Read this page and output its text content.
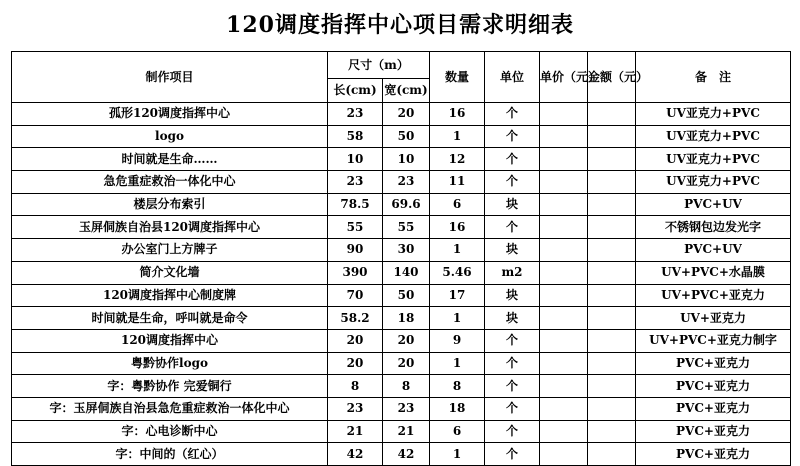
120调度指挥中心项目需求明细表
制作项目	尺寸（m）		数量	单位	单价（元）	金额（元）	备　注
	长(cm)	宽(cm)					
孤形120调度指挥中心	23	20	16	个			UV亚克力+PVC
logo	58	50	1	个			UV亚克力+PVC
时间就是生命……	10	10	12	个			UV亚克力+PVC
急危重症救治一体化中心	23	23	11	个			UV亚克力+PVC
楼层分布索引	78.5	69.6	6	块			PVC+UV
玉屏侗族自治县120调度指挥中心	55	55	16	个			不锈钢包边发光字
办公室门上方牌子	90	30	1	块			PVC+UV
简介文化墙	390	140	5.46	m2			UV+PVC+水晶膜
120调度指挥中心制度牌	70	50	17	块			UV+PVC+亚克力
时间就是生命，呼叫就是命令	58.2	18	1	块			UV+亚克力
120调度指挥中心	20	20	9	个			UV+PVC+亚克力制字
粤黔协作logo	20	20	1	个			PVC+亚克力
字：粤黔协作 完爱铜行	8	8	8	个			PVC+亚克力
字：玉屏侗族自治县急危重症救治一体化中心	23	23	18	个			PVC+亚克力
字：心电诊断中心	21	21	6	个			PVC+亚克力
字：中间的（红心）	42	42	1	个			PVC+亚克力
